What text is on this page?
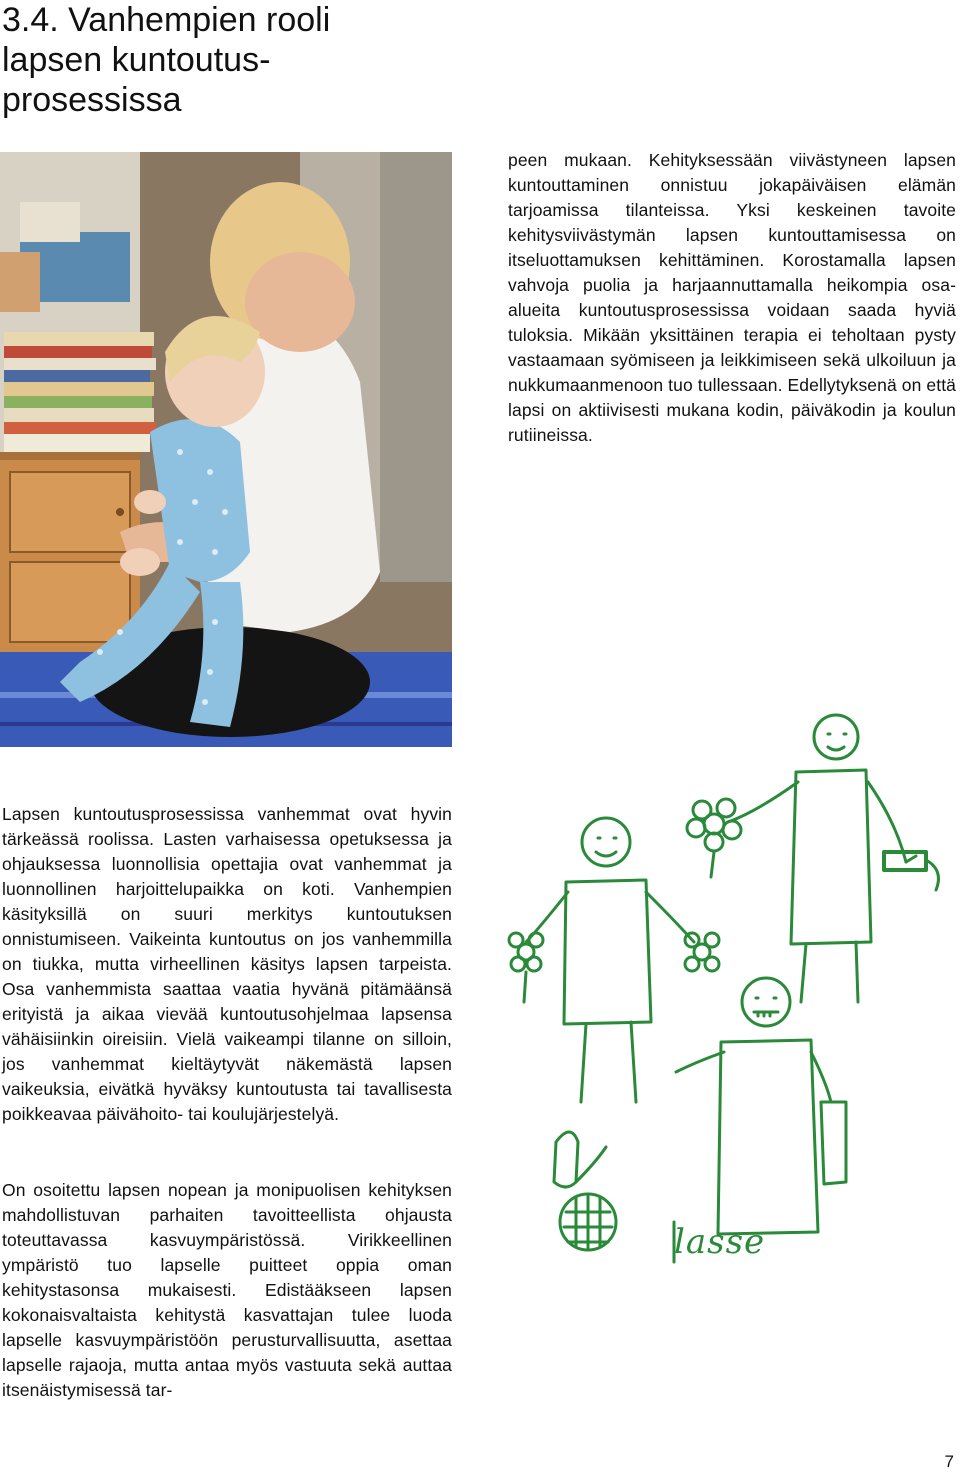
3.4. Vanhempien rooli
lapsen kuntoutus-
prosessissa

peen mukaan. Kehityksessään viivästyneen lapsen kuntouttaminen onnistuu jokapäiväisen elämän tarjoamissa tilanteissa. Yksi keskeinen tavoite kehitysviivästymän lapsen kuntouttamisessa on itseluottamuksen kehittäminen. Korostamalla lapsen vahvoja puolia ja harjaannuttamalla heikompia osa- alueita kuntoutusprosessissa voidaan saada hyviä tuloksia. Mikään yksittäinen terapia ei teholtaan pysty vastaamaan syömiseen ja leikkimiseen sekä ulkoiluun ja nukkumaanmenoon tuo tullessaan. Edellytyksenä on että lapsi on aktiivisesti mukana kodin, päiväkodin ja koulun rutiineissa.

Lapsen kuntoutusprosessissa vanhemmat ovat hyvin tärkeässä roolissa. Lasten varhaisessa opetuksessa ja ohjauksessa luonnollisia opettajia ovat vanhemmat ja luonnollinen harjoittelupaikka on koti. Vanhempien käsityksillä on suuri merkitys kuntoutuksen onnistumiseen. Vaikeinta kuntoutus on jos vanhemmilla on tiukka, mutta virheellinen käsitys lapsen tarpeista. Osa vanhemmista saattaa vaatia hyvänä pitämäänsä erityistä ja aikaa vievää kuntoutusohjelmaa lapsensa vähäisiinkin oireisiin. Vielä vaikeampi tilanne on silloin, jos vanhemmat kieltäytyvät näkemästä lapsen vaikeuksia, eivätkä hyväksy kuntoutusta tai tavallisesta poikkeavaa päivähoito- tai koulujärjestelyä.

On osoitettu lapsen nopean ja monipuolisen kehityksen mahdollistuvan parhaiten tavoitteellista ohjausta toteuttavassa kasvuympäristössä. Virikkeellinen ympäristö tuo lapselle puitteet oppia oman kehitystasonsa mukaisesti. Edistääkseen lapsen kokonaisvaltaista kehitystä kasvattajan tulee luoda lapselle kasvuympäristöön perusturvallisuutta, asettaa lapselle rajaoja, mutta antaa myös vastuuta sekä auttaa itsenäistymisessä tar-

lasse
7
